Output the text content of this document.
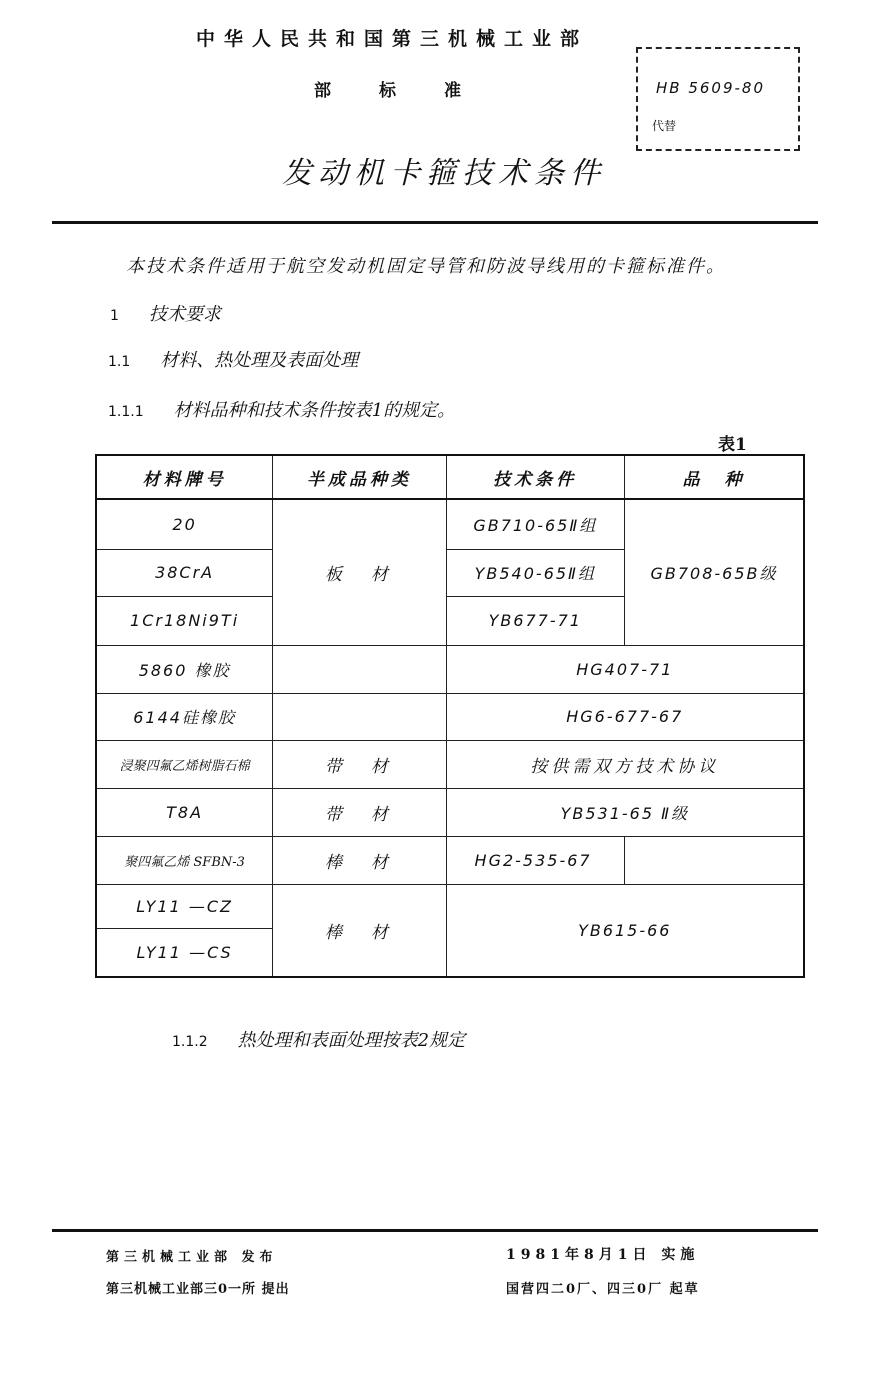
中华人民共和国第三机械工业部
部	标	准	HB 5609-80
代替
发动机卡箍技术条件
本技术条件适用于航空发动机固定导管和防波导线用的卡箍标准件。
1 技术要求
1.1 材料、热处理及表面处理
1.1.1 材料品种和技术条件按表1的规定。
表1
材料牌号	半成品种类	技术条件	品　种
20	板　材	GB710-65Ⅱ组	GB708-65B级
38CrA		YB540-65Ⅱ组	
1Cr18Ni9Ti		YB677-71	
5860 橡胶		HG407-71	
6144硅橡胶		HG6-677-67	
浸聚四氟乙烯树脂石棉	带　材	按供需双方技术协议	
T8A	带　材	YB531-65 Ⅱ级	
聚四氟乙烯 SFBN-3	棒　材	HG2-535-67	
LY11 —CZ	棒　材	YB615-66	
LY11 —CS			
1.1.2 热处理和表面处理按表2规定
第三机械工业部 发布
第三机械工业部三0一所 提出
1981年8月1日 实施
国营四二0厂、四三0厂 起草
